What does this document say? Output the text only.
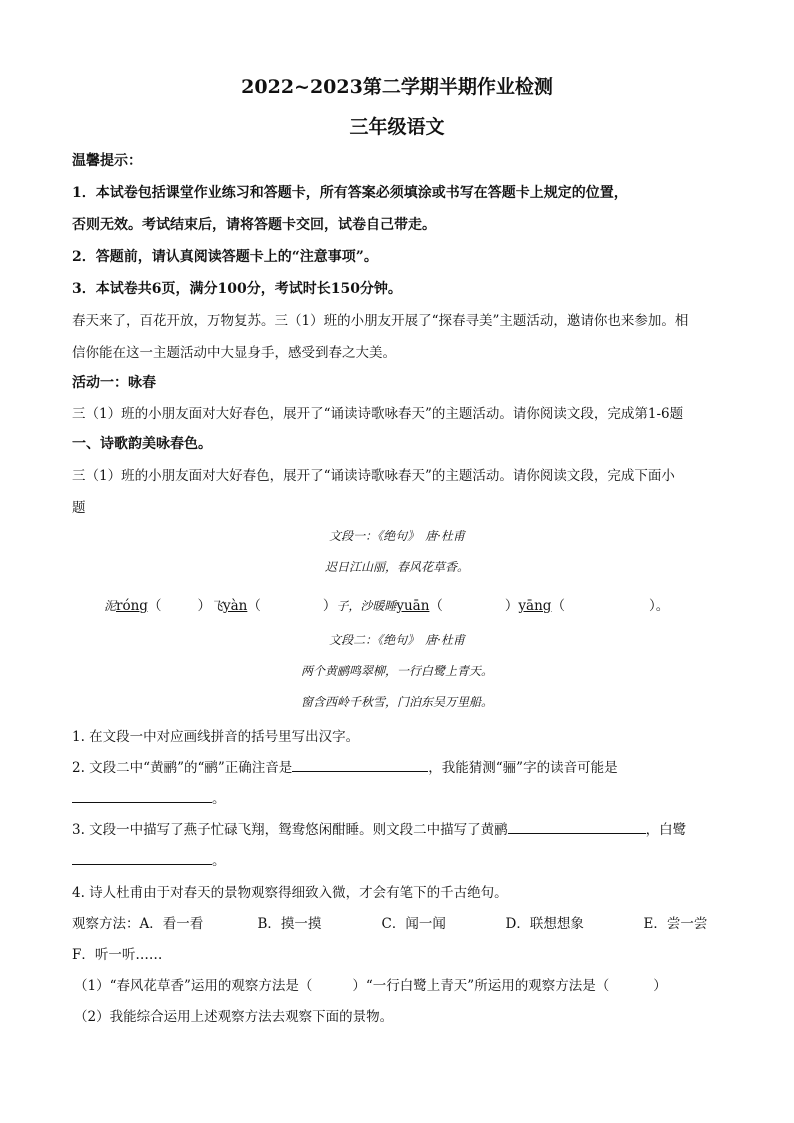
2022~2023第二学期半期作业检测
三年级语文
温馨提示：
1．本试卷包括课堂作业练习和答题卡，所有答案必须填涂或书写在答题卡上规定的位置，
否则无效。考试结束后，请将答题卡交回，试卷自己带走。
2．答题前，请认真阅读答题卡上的“注意事项”。
3．本试卷共6页，满分100分，考试时长150分钟。
春天来了，百花开放，万物复苏。三（1）班的小朋友开展了“探春寻美”主题活动，邀请你也来参加。相
信你能在这一主题活动中大显身手，感受到春之大美。
活动一：咏春
三（1）班的小朋友面对大好春色，展开了“诵读诗歌咏春天”的主题活动。请你阅读文段，完成第1-6题
一、诗歌韵美咏春色。
三（1）班的小朋友面对大好春色，展开了“诵读诗歌咏春天”的主题活动。请你阅读文段，完成下面小
题
文段一：《绝句》　唐·杜甫
迟日江山丽，春风花草香。
泥róng（	）飞yàn（	）子，沙暖睡yuān（	）yāng（	）。
文段二：《绝句》　唐·杜甫
两个黄鹂鸣翠柳，一行白鹭上青天。
窗含西岭千秋雪，门泊东吴万里船。
1. 在文段一中对应画线拼音的括号里写出汉字。
2. 文段二中“黄鹂”的“鹂”正确注音是	，我能猜测“骊”字的读音可能是
。
3. 文段一中描写了燕子忙碌飞翔，鸳鸯悠闲酣睡。则文段二中描写了黄鹂	，白鹭
。
4. 诗人杜甫由于对春天的景物观察得细致入微，才会有笔下的千古绝句。
观察方法：A．看一看	B．摸一摸	C．闻一闻	D．联想想象	E．尝一尝
F．听一听……
（1）“春风花草香”运用的观察方法是（	）“一行白鹭上青天”所运用的观察方法是（	）
（2）我能综合运用上述观察方法去观察下面的景物。
